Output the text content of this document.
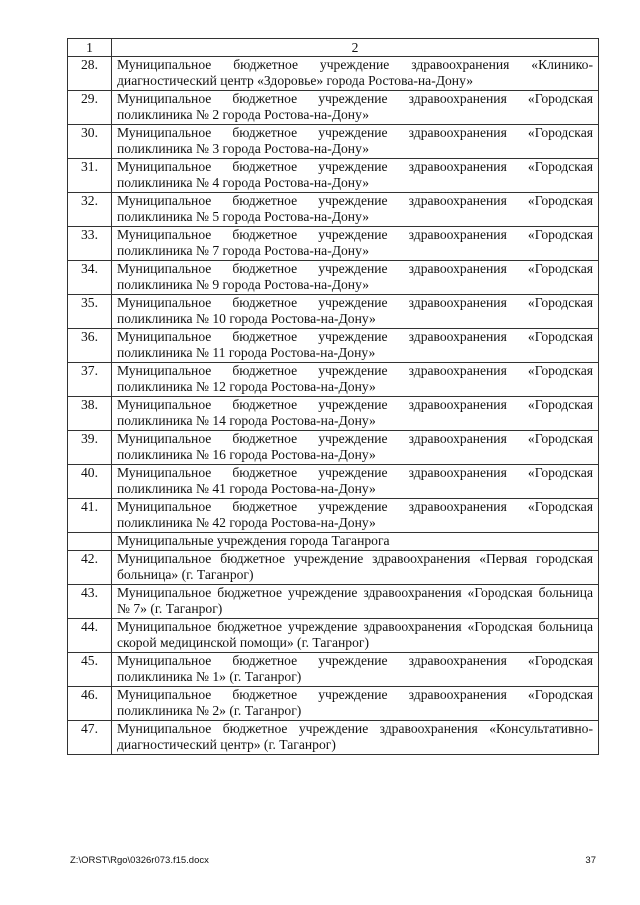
1	2
28.	Муниципальное бюджетное учреждение здравоохранения «Клинико-диагностический центр «Здоровье» города Ростова-на-Дону»
29.	Муниципальное бюджетное учреждение здравоохранения «Городская поликлиника № 2 города Ростова-на-Дону»
30.	Муниципальное бюджетное учреждение здравоохранения «Городская поликлиника № 3 города Ростова-на-Дону»
31.	Муниципальное бюджетное учреждение здравоохранения «Городская поликлиника № 4 города Ростова-на-Дону»
32.	Муниципальное бюджетное учреждение здравоохранения «Городская поликлиника № 5 города Ростова-на-Дону»
33.	Муниципальное бюджетное учреждение здравоохранения «Городская поликлиника № 7 города Ростова-на-Дону»
34.	Муниципальное бюджетное учреждение здравоохранения «Городская поликлиника № 9 города Ростова-на-Дону»
35.	Муниципальное бюджетное учреждение здравоохранения «Городская поликлиника № 10 города Ростова-на-Дону»
36.	Муниципальное бюджетное учреждение здравоохранения «Городская поликлиника № 11 города Ростова-на-Дону»
37.	Муниципальное бюджетное учреждение здравоохранения «Городская поликлиника № 12 города Ростова-на-Дону»
38.	Муниципальное бюджетное учреждение здравоохранения «Городская поликлиника № 14 города Ростова-на-Дону»
39.	Муниципальное бюджетное учреждение здравоохранения «Городская поликлиника № 16 города Ростова-на-Дону»
40.	Муниципальное бюджетное учреждение здравоохранения «Городская поликлиника № 41 города Ростова-на-Дону»
41.	Муниципальное бюджетное учреждение здравоохранения «Городская поликлиника № 42 города Ростова-на-Дону»
	Муниципальные учреждения города Таганрога
42.	Муниципальное бюджетное учреждение здравоохранения «Первая городская больница» (г. Таганрог)
43.	Муниципальное бюджетное учреждение здравоохранения «Городская больница № 7» (г. Таганрог)
44.	Муниципальное бюджетное учреждение здравоохранения «Городская больница скорой медицинской помощи» (г. Таганрог)
45.	Муниципальное бюджетное учреждение здравоохранения «Городская поликлиника № 1» (г. Таганрог)
46.	Муниципальное бюджетное учреждение здравоохранения «Городская поликлиника № 2» (г. Таганрог)
47.	Муниципальное бюджетное учреждение здравоохранения «Консультативно-диагностический центр» (г. Таганрог)
Z:\ORST\Rgo\0326r073.f15.docx	37
